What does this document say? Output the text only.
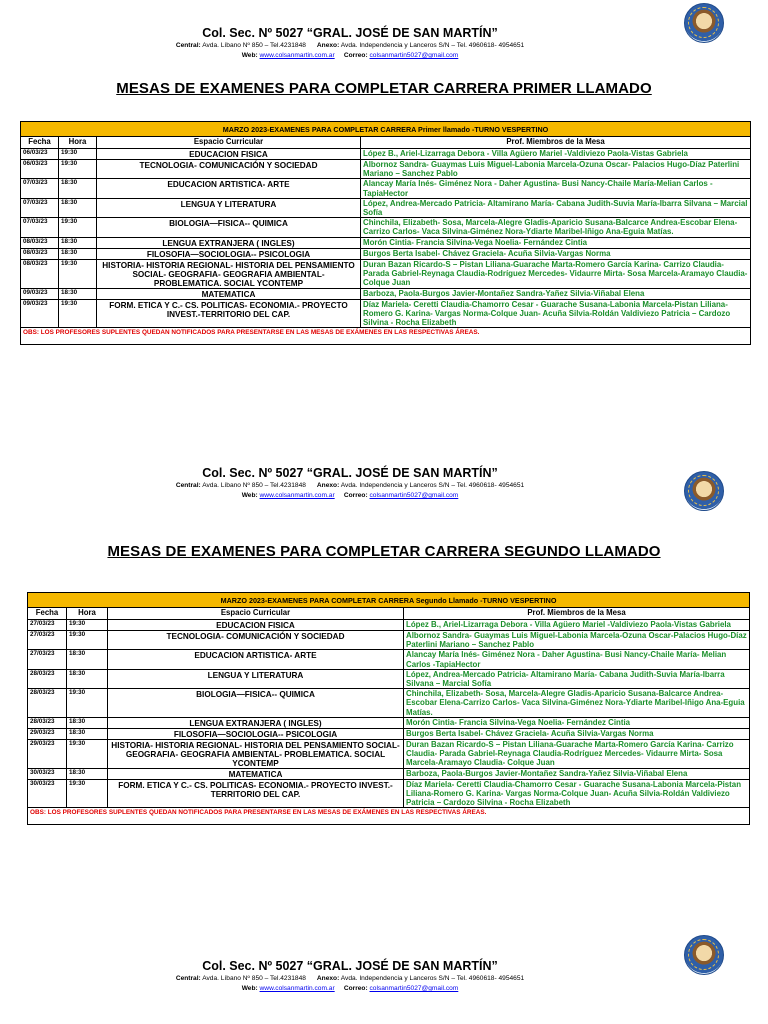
Col. Sec. Nº 5027 “GRAL. JOSÉ DE SAN MARTÍN”
Central: Avda. Líbano Nº 850 – Tel.4231848 Anexo: Avda. Independencia y Lanceros S/N – Tel. 4960618- 4954651
Web: www.colsanmartin.com.ar Correo: colsanmartin5027@gmail.com
MESAS DE EXAMENES PARA COMPLETAR CARRERA PRIMER LLAMADO
MARZO 2023-EXAMENES PARA COMPLETAR CARRERA Primer llamado -TURNO VESPERTINO			
Fecha	Hora	Espacio Curricular	Prof. Miembros de la Mesa

06/03/23	19:30	EDUCACION FISICA	López B., Ariel-Lizarraga Debora - Villa Agüero Mariel -Valdiviezo Paola-Vistas Gabriela

06/03/23	19:30	TECNOLOGIA- COMUNICACIÓN Y SOCIEDAD	Albornoz Sandra- Guaymas Luis Miguel-Labonia Marcela-Ozuna Oscar- Palacios Hugo-Díaz Paterlini Mariano – Sanchez Pablo

07/03/23	18:30	EDUCACION ARTISTICA- ARTE	Alancay María Inés- Giménez Nora - Daher Agustina- Busi Nancy-Chaile María-Melian Carlos -TapiaHector

07/03/23	18:30	LENGUA Y LITERATURA	López, Andrea-Mercado Patricia- Altamirano María- Cabana Judith-Suvia María-Ibarra Silvana – Marcial Sofía

07/03/23	19:30	BIOLOGIA—FISICA-- QUIMICA	Chinchila, Elizabeth- Sosa, Marcela-Alegre Gladis-Aparicio Susana-Balcarce Andrea-Escobar Elena-Carrizo Carlos- Vaca Silvina-Giménez Nora-Ydiarte Maribel-Iñigo Ana-Eguia Matías.

08/03/23	18:30	LENGUA EXTRANJERA ( INGLES)	Morón Cintia- Francia Silvina-Vega Noelia- Fernández Cintia

08/03/23	18:30	FILOSOFIA—SOCIOLOGIA-- PSICOLOGIA	Burgos Berta Isabel- Chávez Graciela- Acuña Silvia-Vargas Norma

08/03/23	19:30	HISTORIA- HISTORIA REGIONAL- HISTORIA DEL PENSAMIENTO SOCIAL- GEOGRAFIA- GEOGRAFIA AMBIENTAL- PROBLEMATICA. SOCIAL YCONTEMP	Duran Bazan Ricardo-S – Pistan Liliana-Guarache Marta-Romero García Karina- Carrizo Claudia- Parada Gabriel-Reynaga Claudia-Rodríguez Mercedes- Vidaurre Mirta- Sosa Marcela-Aramayo Claudia- Colque Juan

09/03/23	18:30	MATEMATICA	Barboza, Paola-Burgos Javier-Montañez Sandra-Yañez Silvia-Viñabal Elena

09/03/23	19:30	FORM. ETICA Y C.- CS. POLITICAS- ECONOMIA.- PROYECTO INVEST.-TERRITORIO DEL CAP.	Díaz Mariela- Ceretti Claudia-Chamorro Cesar - Guarache Susana-Labonia Marcela-Pistan Liliana-Romero G. Karina- Vargas Norma-Colque Juan- Acuña Silvia-Roldán Valdiviezo Patricia – Cardozo Silvina - Rocha Elizabeth

OBS: LOS PROFESORES SUPLENTES QUEDAN NOTIFICADOS PARA PRESENTARSE EN LAS MESAS DE EXÁMENES EN LAS RESPECTIVAS ÁREAS.			
Col. Sec. Nº 5027 “GRAL. JOSÉ DE SAN MARTÍN”
Central: Avda. Líbano Nº 850 – Tel.4231848 Anexo: Avda. Independencia y Lanceros S/N – Tel. 4960618- 4954651
Web: www.colsanmartin.com.ar Correo: colsanmartin5027@gmail.com
MESAS DE EXAMENES PARA COMPLETAR CARRERA SEGUNDO LLAMADO
MARZO 2023-EXAMENES PARA COMPLETAR CARRERA Segundo Llamado -TURNO VESPERTINO			
Fecha	Hora	Espacio Curricular	Prof. Miembros de la Mesa

27/03/23	19:30	EDUCACION FISICA	López B., Ariel-Lizarraga Debora - Villa Agüero Mariel -Valdiviezo Paola-Vistas Gabriela

27/03/23	19:30	TECNOLOGIA- COMUNICACIÓN Y SOCIEDAD	Albornoz Sandra- Guaymas Luis Miguel-Labonia Marcela-Ozuna Oscar-Palacios Hugo-Díaz Paterlini Mariano – Sanchez Pablo

27/03/23	18:30	EDUCACION ARTISTICA- ARTE	Alancay María Inés- Giménez Nora - Daher Agustina- Busi Nancy-Chaile María- Melian Carlos -TapiaHector

28/03/23	18:30	LENGUA Y LITERATURA	López, Andrea-Mercado Patricia- Altamirano María- Cabana Judith-Suvia María-Ibarra Silvana – Marcial Sofía

28/03/23	19:30	BIOLOGIA—FISICA-- QUIMICA	Chinchila, Elizabeth- Sosa, Marcela-Alegre Gladis-Aparicio Susana-Balcarce Andrea-Escobar Elena-Carrizo Carlos- Vaca Silvina-Giménez Nora-Ydiarte Maribel-Iñigo Ana-Eguia Matías.

28/03/23	18:30	LENGUA EXTRANJERA ( INGLES)	Morón Cintia- Francia Silvina-Vega Noelia- Fernández Cintia

29/03/23	18:30	FILOSOFIA—SOCIOLOGIA-- PSICOLOGIA	Burgos Berta Isabel- Chávez Graciela- Acuña Silvia-Vargas Norma

29/03/23	19:30	HISTORIA- HISTORIA REGIONAL- HISTORIA DEL PENSAMIENTO SOCIAL- GEOGRAFIA- GEOGRAFIA AMBIENTAL- PROBLEMATICA. SOCIAL YCONTEMP	Duran Bazan Ricardo-S – Pistan Liliana-Guarache Marta-Romero García Karina- Carrizo Claudia- Parada Gabriel-Reynaga Claudia-Rodríguez Mercedes- Vidaurre Mirta- Sosa Marcela-Aramayo Claudia- Colque Juan

30/03/23	18:30	MATEMATICA	Barboza, Paola-Burgos Javier-Montañez Sandra-Yañez Silvia-Viñabal Elena

30/03/23	19:30	FORM. ETICA Y C.- CS. POLITICAS- ECONOMIA.- PROYECTO INVEST.-TERRITORIO DEL CAP.	Díaz Mariela- Ceretti Claudia-Chamorro Cesar - Guarache Susana-Labonia Marcela-Pistan Liliana-Romero G. Karina- Vargas Norma-Colque Juan- Acuña Silvia-Roldán Valdiviezo Patricia – Cardozo Silvina - Rocha Elizabeth

OBS: LOS PROFESORES SUPLENTES QUEDAN NOTIFICADOS PARA PRESENTARSE EN LAS MESAS DE EXÁMENES EN LAS RESPECTIVAS ÁREAS.			
Col. Sec. Nº 5027 “GRAL. JOSÉ DE SAN MARTÍN”
Central: Avda. Líbano Nº 850 – Tel.4231848 Anexo: Avda. Independencia y Lanceros S/N – Tel. 4960618- 4954651
Web: www.colsanmartin.com.ar Correo: colsanmartin5027@gmail.com
